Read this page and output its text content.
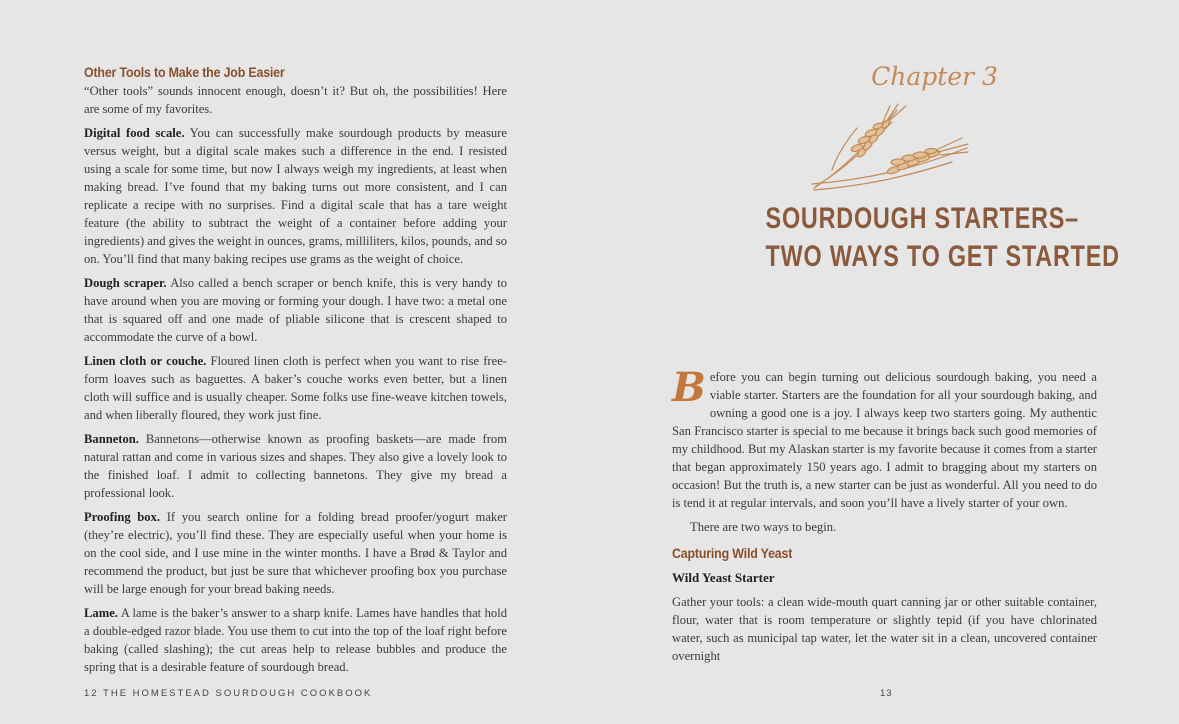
Other Tools to Make the Job Easier

“Other tools” sounds innocent enough, doesn’t it? But oh, the possibilities! Here are some of my favorites.

Digital food scale. You can successfully make sourdough products by measure versus weight, but a digital scale makes such a difference in the end. I resisted using a scale for some time, but now I always weigh my ingredients, at least when making bread. I’ve found that my baking turns out more consistent, and I can replicate a recipe with no surprises. Find a digital scale that has a tare weight feature (the ability to subtract the weight of a container before adding your ingredients) and gives the weight in ounces, grams, milliliters, kilos, pounds, and so on. You’ll find that many baking recipes use grams as the weight of choice.

Dough scraper. Also called a bench scraper or bench knife, this is very handy to have around when you are moving or forming your dough. I have two: a metal one that is squared off and one made of pliable silicone that is crescent shaped to accommodate the curve of a bowl.

Linen cloth or couche. Floured linen cloth is perfect when you want to rise free-form loaves such as baguettes. A baker’s couche works even better, but a linen cloth will suffice and is usually cheaper. Some folks use fine-weave kitchen towels, and when liberally floured, they work just fine.

Banneton. Bannetons—otherwise known as proofing baskets—are made from natural rattan and come in various sizes and shapes. They also give a lovely look to the finished loaf. I admit to collecting bannetons. They give my bread a professional look.

Proofing box. If you search online for a folding bread proofer/yogurt maker (they’re electric), you’ll find these. They are especially useful when your home is on the cool side, and I use mine in the winter months. I have a Brød & Taylor and recommend the product, but just be sure that whichever proofing box you purchase will be large enough for your bread baking needs.

Lame. A lame is the baker’s answer to a sharp knife. Lames have handles that hold a double-edged razor blade. You use them to cut into the top of the loaf right before baking (called slashing); the cut areas help to release bubbles and produce the spring that is a desirable feature of sourdough bread.

12 THE HOMESTEAD SOURDOUGH COOKBOOK
Chapter 3
SOURDOUGH STARTERS–
TWO WAYS TO GET STARTED

Before you can begin turning out delicious sourdough baking, you need a viable starter. Starters are the foundation for all your sourdough baking, and owning a good one is a joy. I always keep two starters going. My authentic San Francisco starter is special to me because it brings back such good memories of my childhood. But my Alaskan starter is my favorite because it comes from a starter that began approximately 150 years ago. I admit to bragging about my starters on occasion! But the truth is, a new starter can be just as wonderful. All you need to do is tend it at regular intervals, and soon you’ll have a lively starter of your own.

There are two ways to begin.

Capturing Wild Yeast
Wild Yeast Starter

Gather your tools: a clean wide-mouth quart canning jar or other suitable container, flour, water that is room temperature or slightly tepid (if you have chlorinated water, such as municipal tap water, let the water sit in a clean, uncovered container overnight

13
